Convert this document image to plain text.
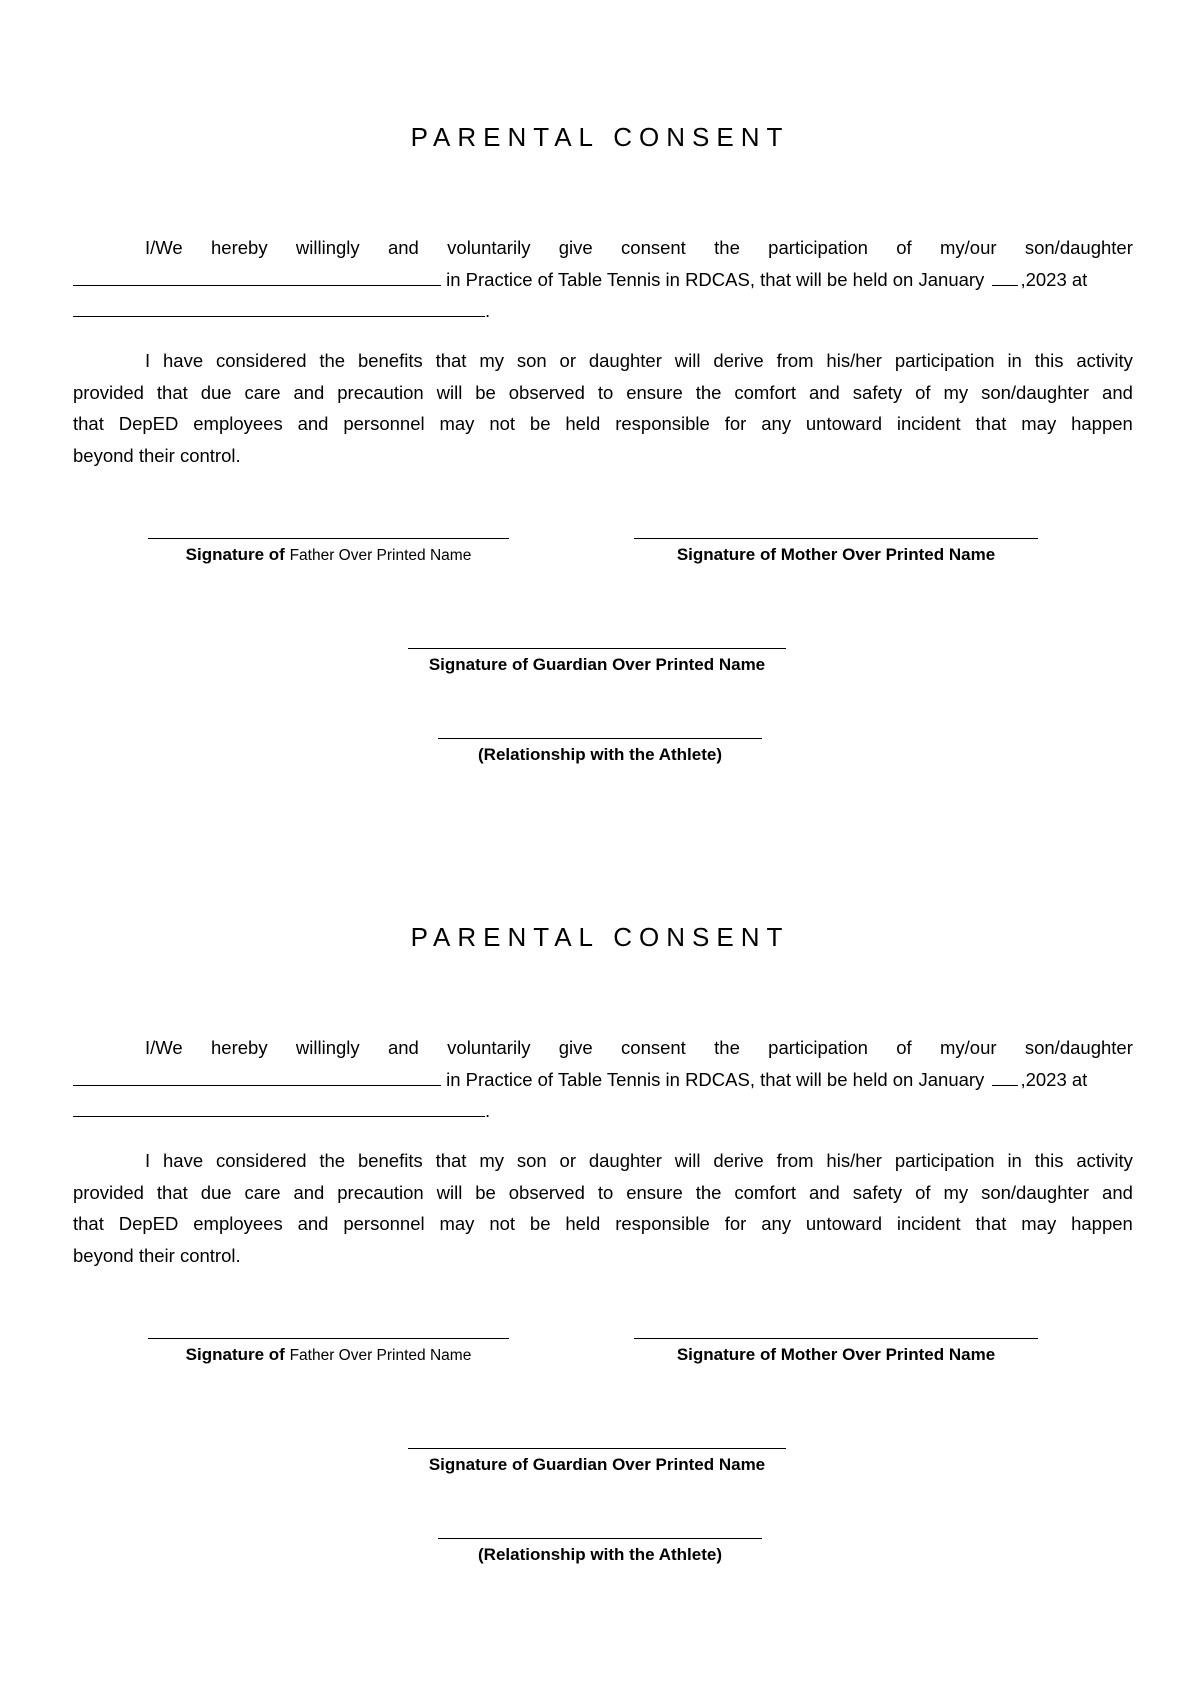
PARENTAL CONSENT
I/We hereby willingly and voluntarily give consent the participation of my/our son/daughter
in Practice of Table Tennis in RDCAS, that will be held on January ,2023 at
.
I have considered the benefits that my son or daughter will derive from his/her participation in this activity
provided that due care and precaution will be observed to ensure the comfort and safety of my son/daughter and
that DepED employees and personnel may not be held responsible for any untoward incident that may happen
beyond their control.
Signature of Father Over Printed Name	Signature of Mother Over Printed Name
Signature of Guardian Over Printed Name
(Relationship with the Athlete)
PARENTAL CONSENT
I/We hereby willingly and voluntarily give consent the participation of my/our son/daughter
in Practice of Table Tennis in RDCAS, that will be held on January ,2023 at
.
I have considered the benefits that my son or daughter will derive from his/her participation in this activity
provided that due care and precaution will be observed to ensure the comfort and safety of my son/daughter and
that DepED employees and personnel may not be held responsible for any untoward incident that may happen
beyond their control.
Signature of Father Over Printed Name	Signature of Mother Over Printed Name
Signature of Guardian Over Printed Name
(Relationship with the Athlete)
